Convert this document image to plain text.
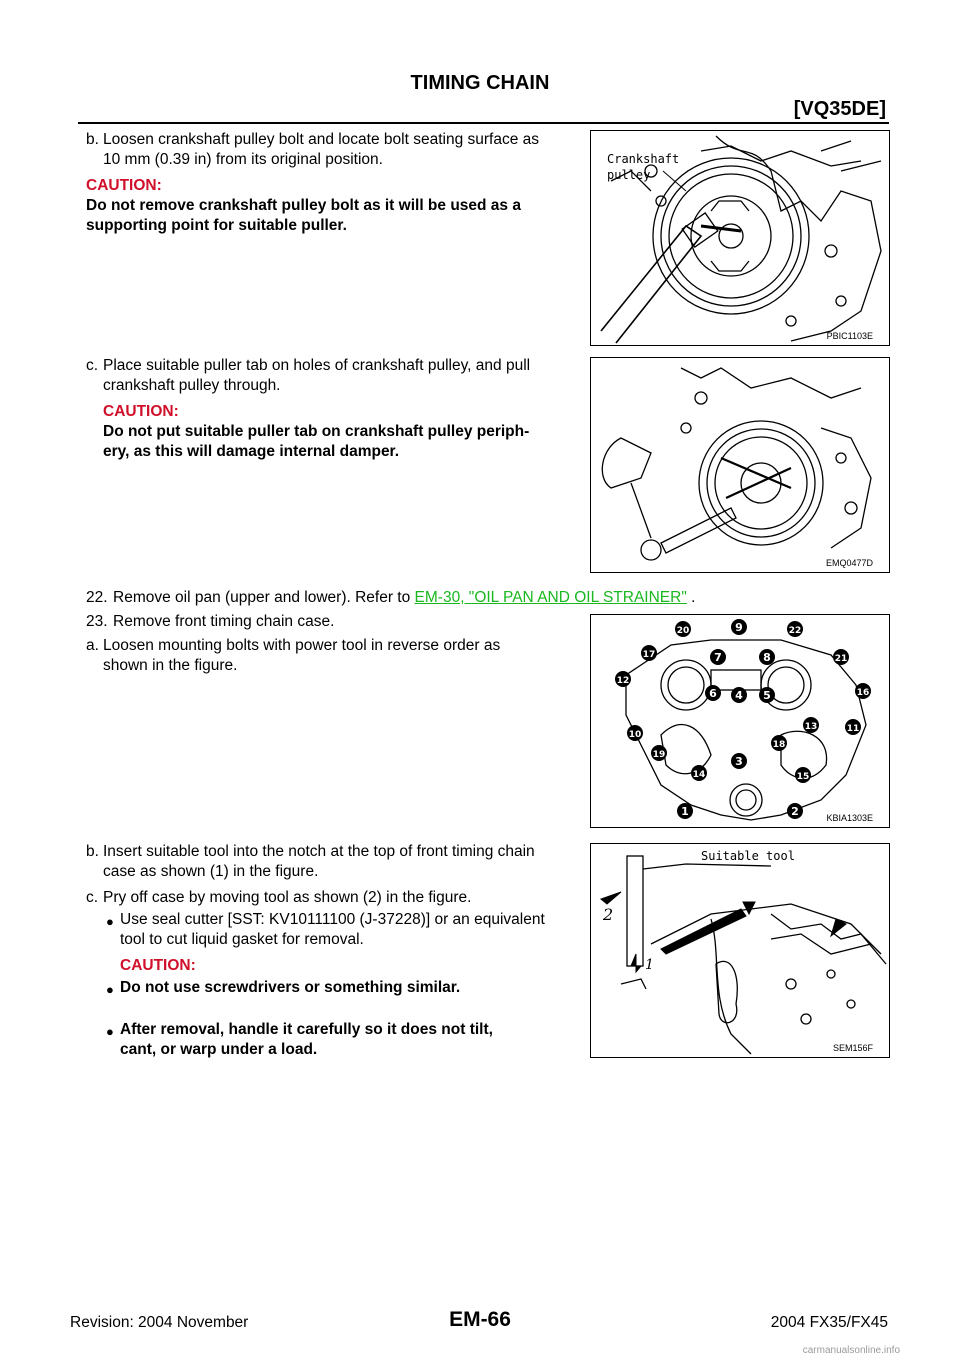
TIMING CHAIN
[VQ35DE]
b. Loosen crankshaft pulley bolt and locate bolt seating surface as
10 mm (0.39 in) from its original position.
CAUTION:
Do not remove crankshaft pulley bolt as it will be used as a
supporting point for suitable puller.
Crankshaft
pulley
PBIC1103E
c. Place suitable puller tab on holes of crankshaft pulley, and pull
crankshaft pulley through.
CAUTION:
Do not put suitable puller tab on crankshaft pulley periph-
ery, as this will damage internal damper.
EMQ0477D
22. Remove oil pan (upper and lower). Refer to EM-30, "OIL PAN AND OIL STRAINER" .
23. Remove front timing chain case.
a. Loosen mounting bolts with power tool in reverse order as
shown in the figure.
20	9	22
17	7	8	21
12
6 4 5	16
13	11
10
18
19	3
14	15
1	2	KBIA1303E
b. Insert suitable tool into the notch at the top of front timing chain
case as shown (1) in the figure.
c. Pry off case by moving tool as shown (2) in the figure.
● Use seal cutter [SST: KV10111100 (J-37228)] or an equivalent
tool to cut liquid gasket for removal.
CAUTION:
● Do not use screwdrivers or something similar.
● After removal, handle it carefully so it does not tilt,
cant, or warp under a load.
Suitable tool
2
1
SEM156F
Revision: 2004 November	EM-66	2004 FX35/FX45
carmanualsonline.info
